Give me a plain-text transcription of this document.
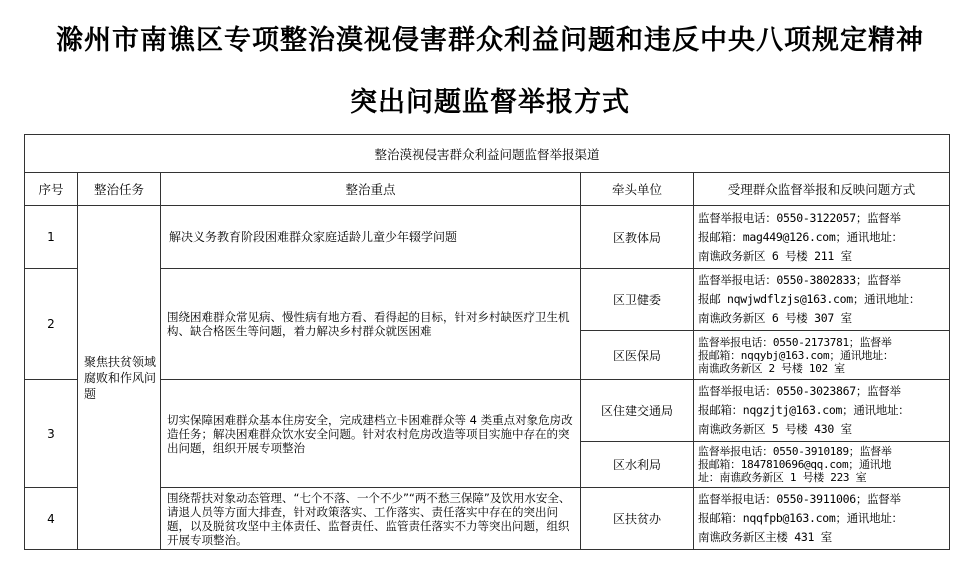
滁州市南谯区专项整治漠视侵害群众利益问题和违反中央八项规定精神
突出问题监督举报方式
整治漠视侵害群众利益问题监督举报渠道				
序号	整治任务	整治重点	牵头单位	受理群众监督举报和反映问题方式
1	聚焦扶贫领域腐败和作风问题	解决义务教育阶段困难群众家庭适龄儿童少年辍学问题	区教体局	监督举报电话：0550-3122057；监督举
报邮箱：mag449@126.com；通讯地址：
南谯政务新区 6 号楼 211 室

2		围绕困难群众常见病、慢性病有地方看、看得起的目标，针对乡村缺医疗卫生机构、缺合格医生等问题，着力解决乡村群众就医困难	区卫健委	监督举报电话：0550-3802833；监督举
报邮 nqwjwdflzjs@163.com；通讯地址：
南谯政务新区 6 号楼 307 室

			区医保局	监督举报电话：0550-2173781；监督举
报邮箱：nqqybj@163.com；通讯地址：
南谯政务新区 2 号楼 102 室

3		切实保障困难群众基本住房安全，完成建档立卡困难群众等 4 类重点对象危房改造任务；解决困难群众饮水安全问题。针对农村危房改造等项目实施中存在的突出问题，组织开展专项整治	区住建交通局	监督举报电话：0550-3023867；监督举
报邮箱：nqgzjtj@163.com；通讯地址：
南谯政务新区 5 号楼 430 室

			区水利局	监督举报电话：0550-3910189；监督举
报邮箱：1847810696@qq.com；通讯地
址：南谯政务新区 1 号楼 223 室

4		围绕帮扶对象动态管理、“七个不落、一个不少”“两不愁三保障”及饮用水安全、请退人员等方面大排查，针对政策落实、工作落实、责任落实中存在的突出问题，以及脱贫攻坚中主体责任、监督责任、监管责任落实不力等突出问题，组织开展专项整治。	区扶贫办	监督举报电话：0550-3911006；监督举
报邮箱：nqqfpb@163.com；通讯地址：
南谯政务新区主楼 431 室
